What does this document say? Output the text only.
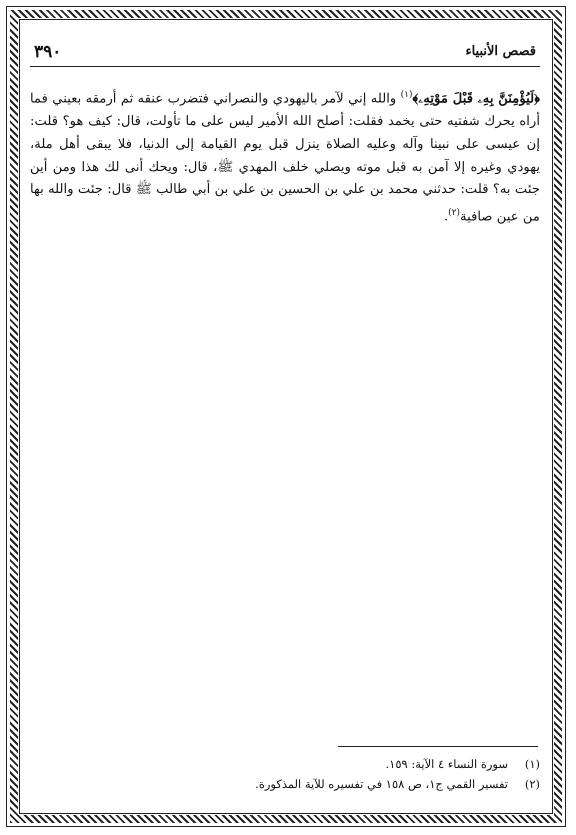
٣٩٠	قصص الأنبياء

﴿لَيُؤْمِنَنَّ بِهِۦ قَبْلَ مَوْتِهِۦ﴾$^{(١)}$ والله إني لآمر باليهودي والنصراني فتضرب عنقه ثم أرمقه بعيني فما أراه يحرك شفتيه حتى يخمد فقلت: أصلح الله الأمير ليس على ما تأولت، قال: كيف هو؟ قلت: إن عيسى على نبينا وآله وعليه الصلاة ينزل قبل يوم القيامة إلى الدنيا، فلا يبقى أهل ملة، يهودي وغيره إلا آمن به قبل موته ويصلي خلف المهدي ﷺ، قال: ويحك أنى لك هذا ومن أين جئت به؟ قلت: حدثني محمد بن علي بن الحسين بن علي بن أبي طالب ﷺ قال: جئت والله بها من عين صافية$^{(٢)}$.

(١)
سورة النساء ٤ الآية: ١٥٩.
(٢)
تفسير القمي ج١، ص ١٥٨ في تفسيره للآية المذكورة.
